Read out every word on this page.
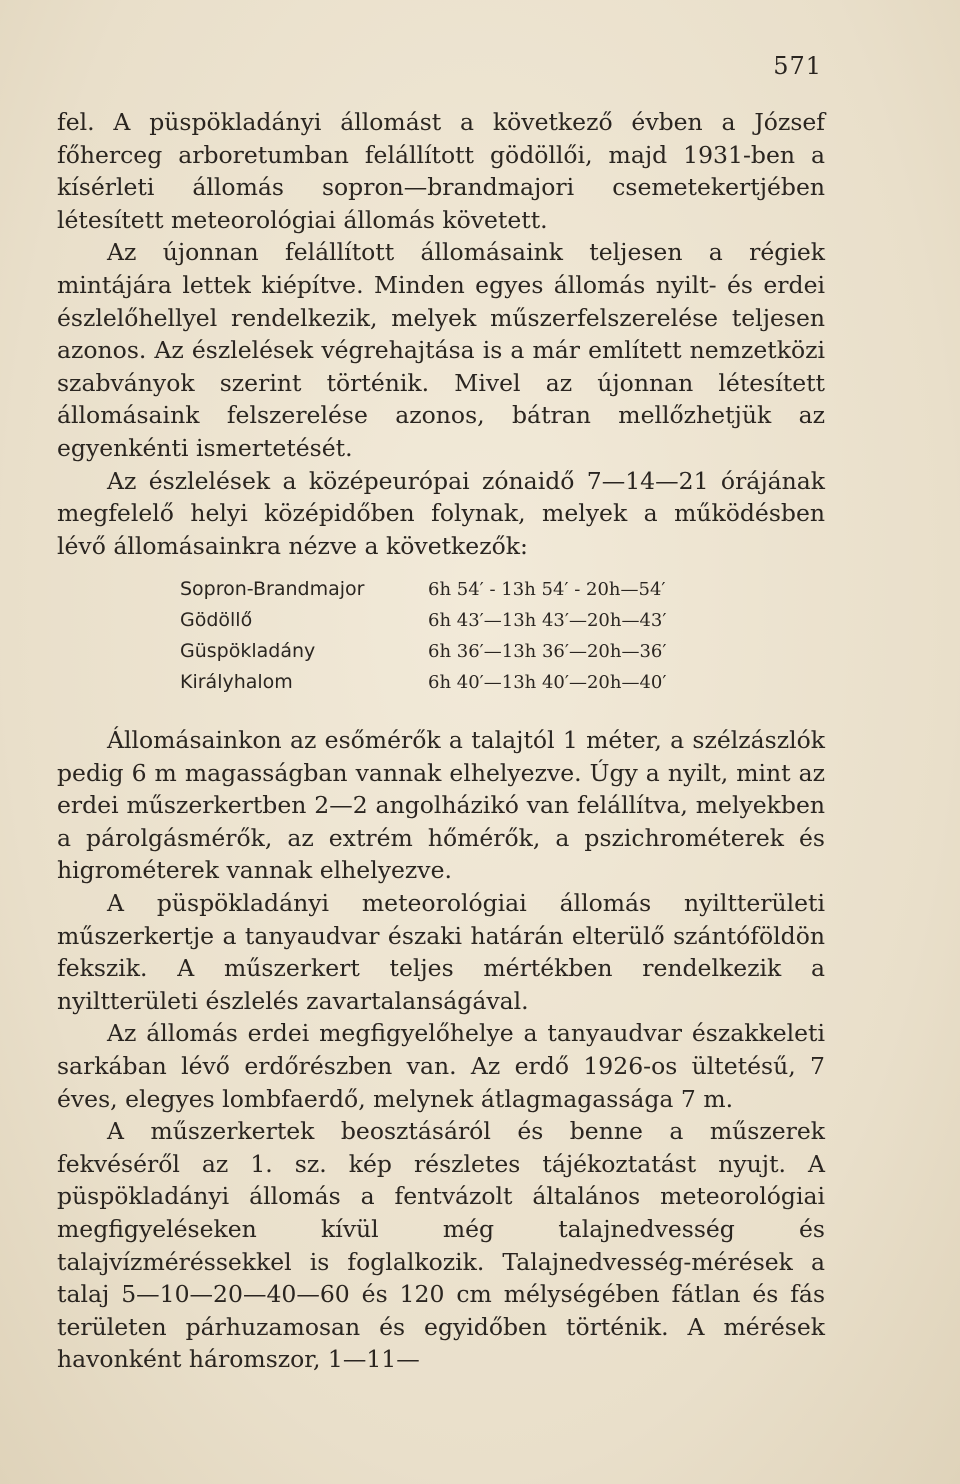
571

fel. A püspökladányi állomást a következő évben a József főherceg arboretumban felállított gödöllői, majd 1931-ben a kísérleti állomás sopron—brandmajori csemetekertjében létesített meteorológiai állomás követett.

Az újonnan felállított állomásaink teljesen a régiek mintájára lettek kiépítve. Minden egyes állomás nyilt- és erdei észlelőhellyel rendelkezik, melyek műszerfelszerelése teljesen azonos. Az észlelések végrehajtása is a már említett nemzetközi szabványok szerint történik. Mivel az újonnan létesített állomásaink felszerelése azonos, bátran mellőzhetjük az egyenkénti ismertetését.

Az észlelések a középeurópai zónaidő 7—14—21 órájának megfelelő helyi középidőben folynak, melyek a működésben lévő állomásainkra nézve a következők:

Sopron-Brandmajor	6h 54′ - 13h 54′ - 20h—54′
Gödöllő	6h 43′—13h 43′—20h—43′
Güspökladány	6h 36′—13h 36′—20h—36′
Királyhalom	6h 40′—13h 40′—20h—40′

Állomásainkon az esőmérők a talajtól 1 méter, a szélzászlók pedig 6 m magasságban vannak elhelyezve. Úgy a nyilt, mint az erdei műszerkertben 2—2 angolházikó van felállítva, melyekben a párolgásmérők, az extrém hőmérők, a pszichrométerek és higrométerek vannak elhelyezve.

A püspökladányi meteorológiai állomás nyiltterületi műszerkertje a tanyaudvar északi határán elterülő szántóföldön fekszik. A műszerkert teljes mértékben rendelkezik a nyiltterületi észlelés zavartalanságával.

Az állomás erdei megfigyelőhelye a tanyaudvar északkeleti sarkában lévő erdőrészben van. Az erdő 1926-os ültetésű, 7 éves, elegyes lombfaerdő, melynek átlagmagassága 7 m.

A műszerkertek beosztásáról és benne a műszerek fekvéséről az 1. sz. kép részletes tájékoztatást nyujt. A püspökladányi állomás a fentvázolt általános meteorológiai megfigyeléseken kívül még talajnedvesség és talajvízméréssekkel is foglalkozik. Talajnedvesség-mérések a talaj 5—10—20—40—60 és 120 cm mélységében fátlan és fás területen párhuzamosan és egyidőben történik. A mérések havonként háromszor, 1—11—
